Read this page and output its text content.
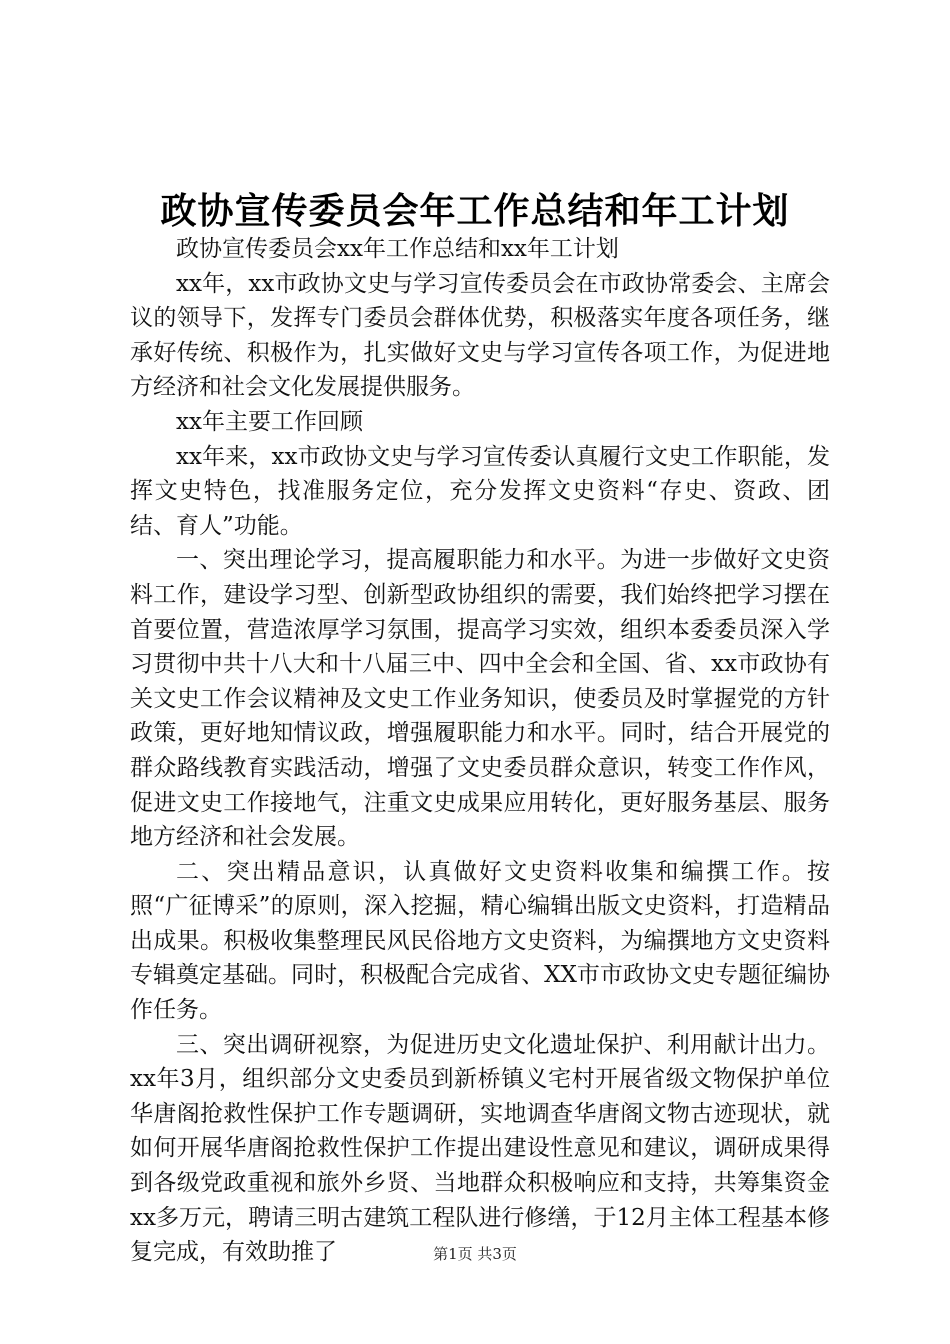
政协宣传委员会年工作总结和年工计划

政协宣传委员会xx年工作总结和xx年工计划

xx年，xx市政协文史与学习宣传委员会在市政协常委会、主席会议的领导下，发挥专门委员会群体优势，积极落实年度各项任务，继承好传统、积极作为，扎实做好文史与学习宣传各项工作，为促进地方经济和社会文化发展提供服务。

xx年主要工作回顾

xx年来，xx市政协文史与学习宣传委认真履行文史工作职能，发挥文史特色，找准服务定位，充分发挥文史资料“存史、资政、团结、育人”功能。

一、突出理论学习，提高履职能力和水平。为进一步做好文史资料工作，建设学习型、创新型政协组织的需要，我们始终把学习摆在首要位置，营造浓厚学习氛围，提高学习实效，组织本委委员深入学习贯彻中共十八大和十八届三中、四中全会和全国、省、xx市政协有关文史工作会议精神及文史工作业务知识，使委员及时掌握党的方针政策，更好地知情议政，增强履职能力和水平。同时，结合开展党的群众路线教育实践活动，增强了文史委员群众意识，转变工作作风，促进文史工作接地气，注重文史成果应用转化，更好服务基层、服务地方经济和社会发展。

二、突出精品意识，认真做好文史资料收集和编撰工作。按照“广征博采”的原则，深入挖掘，精心编辑出版文史资料，打造精品出成果。积极收集整理民风民俗地方文史资料，为编撰地方文史资料专辑奠定基础。同时，积极配合完成省、XX市市政协文史专题征编协作任务。

三、突出调研视察，为促进历史文化遗址保护、利用献计出力。xx年3月，组织部分文史委员到新桥镇义宅村开展省级文物保护单位华唐阁抢救性保护工作专题调研，实地调查华唐阁文物古迹现状，就如何开展华唐阁抢救性保护工作提出建设性意见和建议，调研成果得到各级党政重视和旅外乡贤、当地群众积极响应和支持，共筹集资金xx多万元，聘请三明古建筑工程队进行修缮，于12月主体工程基本修复完成，有效助推了	第1页 共3页
